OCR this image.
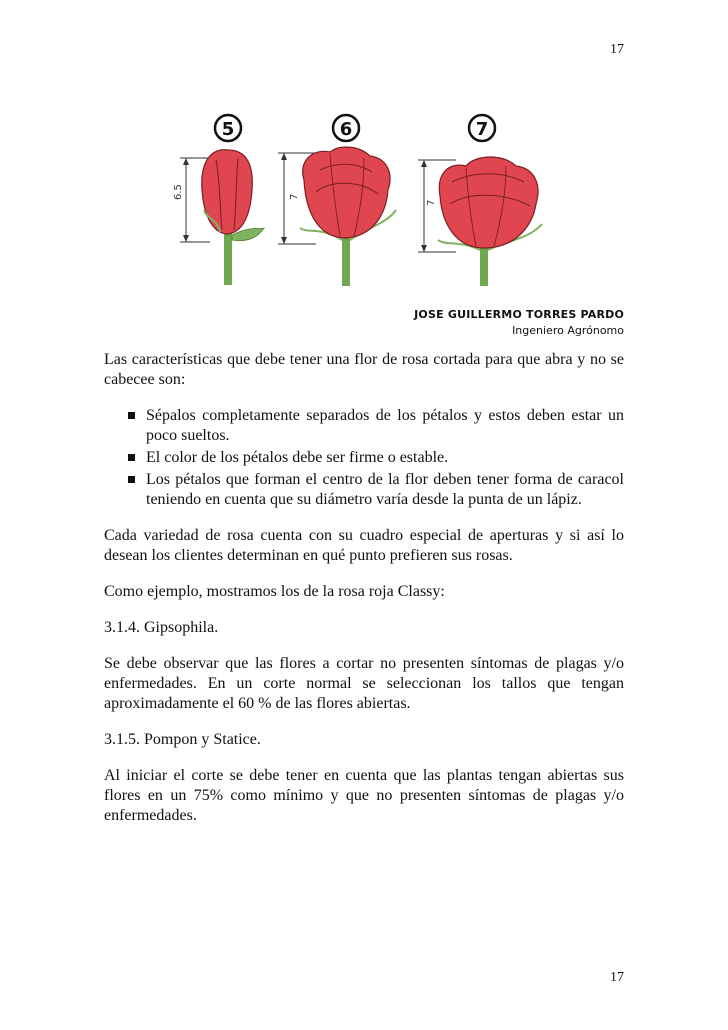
17
5
6.5
6
7
7
7
JOSE GUILLERMO TORRES PARDO
Ingeniero Agrónomo

Las características que debe tener una flor de rosa cortada para que abra y no se cabecee son:

Sépalos completamente separados de los pétalos y estos deben estar un poco sueltos.
El color de los pétalos debe ser firme o estable.
Los pétalos que forman el centro de la flor deben tener forma de caracol teniendo en cuenta que su diámetro varía desde la punta de un lápiz.

Cada variedad de rosa cuenta con su cuadro especial de aperturas y si así lo desean los clientes determinan en qué punto prefieren sus rosas.

Como ejemplo, mostramos los de la rosa roja Classy:

3.1.4. Gipsophila.

Se debe observar que las flores a cortar no presenten síntomas de plagas y/o enfermedades. En un corte normal se seleccionan los tallos que tengan aproximadamente el 60 % de las flores abiertas.

3.1.5. Pompon y Statice.

Al iniciar el corte se debe tener en cuenta que las plantas tengan abiertas sus flores en un 75% como mínimo y que no presenten síntomas de plagas y/o enfermedades.

17
